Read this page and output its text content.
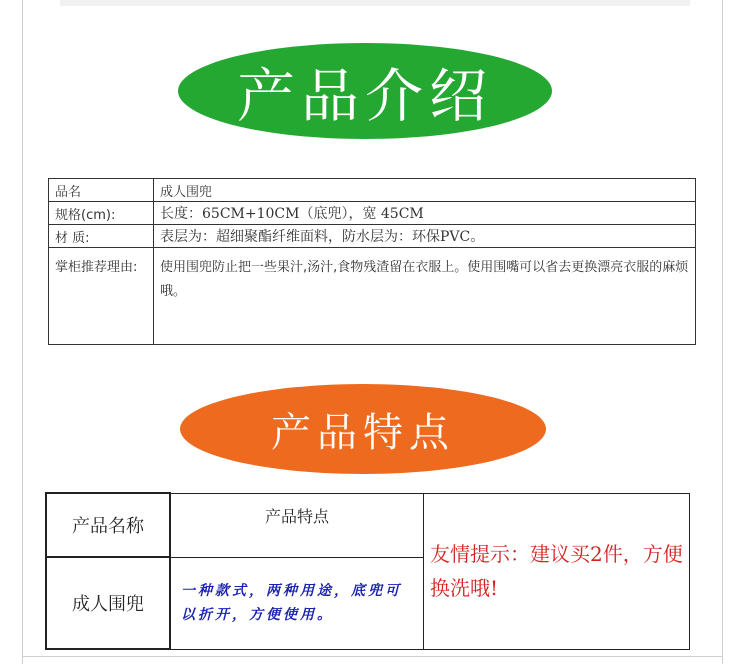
产品介绍
品名	成人围兜
规格(cm):	长度：65CM+10CM（底兜），宽 45CM
材 质:	表层为：超细聚酯纤维面料，防水层为：环保PVC。
掌柜推荐理由:	使用围兜防止把一些果汁,汤汁,食物残渣留在衣服上。使用围嘴可以省去更换漂亮衣服的麻烦哦。
产品特点
产品名称	产品特点	友情提示：建议买2件，方便换洗哦!
成人围兜	一种款式，两种用途，底兜可以折开，方便使用。	
